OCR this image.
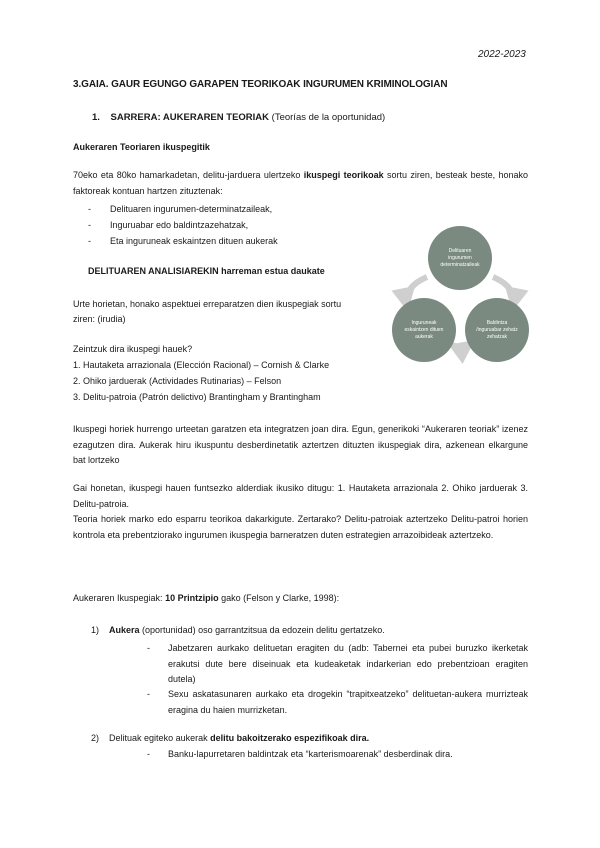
2022-2023
3.GAIA. GAUR EGUNGO GARAPEN TEORIKOAK INGURUMEN KRIMINOLOGIAN
1. SARRERA: AUKERAREN TEORIAK (Teorías de la oportunidad)
Aukeraren Teoriaren ikuspegitik
70eko eta 80ko hamarkadetan, delitu-jarduera ulertzeko ikuspegi teorikoak sortu ziren, besteak beste, honako faktoreak kontuan hartzen zituztenak:
- Delituaren ingurumen-determinatzaileak,
- Inguruabar edo baldintzazehatzak,
- Eta inguruneak eskaintzen dituen aukerak
DELITUAREN ANALISIAREKIN harreman estua daukate
Urte horietan, honako aspektuei erreparatzen dien ikuspegiak sortu
ziren: (irudia)
Zeintzuk dira ikuspegi hauek?
1. Hautaketa arrazionala (Elección Racional) – Cornish & Clarke
2. Ohiko jarduerak (Actividades Rutinarias) – Felson
3. Delitu-patroia (Patrón delictivo) Brantingham y Brantingham
Delituaren
ingurumen
determinatzaileak
Inguruneak
eskaintzen dituen
aukerak
Baldintza
/inguruabar zehatz
zehatzak
Ikuspegi horiek hurrengo urteetan garatzen eta integratzen joan dira. Egun, generikoki “Aukeraren teoriak” izenez ezagutzen dira. Aukerak hiru ikuspuntu desberdinetatik aztertzen dituzten ikuspegiak dira, azkenean elkargune bat lortzeko
Gai honetan, ikuspegi hauen funtsezko alderdiak ikusiko ditugu: 1. Hautaketa arrazionala 2. Ohiko jarduerak 3. Delitu-patroia.
Teoria horiek marko edo esparru teorikoa dakarkigute. Zertarako? Delitu-patroiak aztertzeko Delitu-patroi horien kontrola eta prebentziorako ingurumen ikuspegia barneratzen duten estrategien arrazoibideak aztertzeko.
Aukeraren Ikuspegiak: 10 Printzipio gako (Felson y Clarke, 1998):
1) Aukera (oportunidad) oso garrantzitsua da edozein delitu gertatzeko.
- Jabetzaren aurkako delituetan eragiten du (adb: Tabernei eta pubei buruzko ikerketak erakutsi dute bere diseinuak eta kudeaketak indarkerian edo prebentzioan eragiten dutela)
- Sexu askatasunaren aurkako eta drogekin “trapitxeatzeko” delituetan-aukera murrizteak eragina du haien murrizketan.
2) Delituak egiteko aukerak delitu bakoitzerako espezifikoak dira.
- Banku-lapurretaren baldintzak eta “karterismoarenak” desberdinak dira.
